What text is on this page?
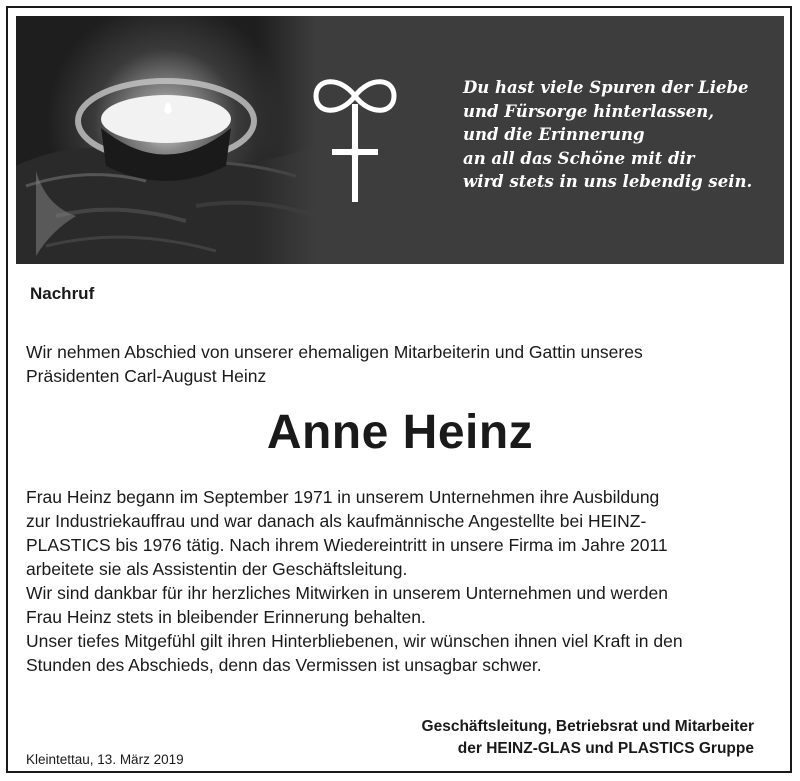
Du hast viele Spuren der Liebe
und Fürsorge hinterlassen,
und die Erinnerung
an all das Schöne mit dir
wird stets in uns lebendig sein.
Nachruf
Wir nehmen Abschied von unserer ehemaligen Mitarbeiterin und Gattin unseres
Präsidenten Carl-August Heinz
Anne Heinz
Frau Heinz begann im September 1971 in unserem Unternehmen ihre Ausbildung
zur Industriekauffrau und war danach als kaufmännische Angestellte bei HEINZ-
PLASTICS bis 1976 tätig. Nach ihrem Wiedereintritt in unsere Firma im Jahre 2011
arbeitete sie als Assistentin der Geschäftsleitung.
Wir sind dankbar für ihr herzliches Mitwirken in unserem Unternehmen und werden
Frau Heinz stets in bleibender Erinnerung behalten.
Unser tiefes Mitgefühl gilt ihren Hinterbliebenen, wir wünschen ihnen viel Kraft in den
Stunden des Abschieds, denn das Vermissen ist unsagbar schwer.
Geschäftsleitung, Betriebsrat und Mitarbeiter
der HEINZ-GLAS und PLASTICS Gruppe
Kleintettau, 13. März 2019
